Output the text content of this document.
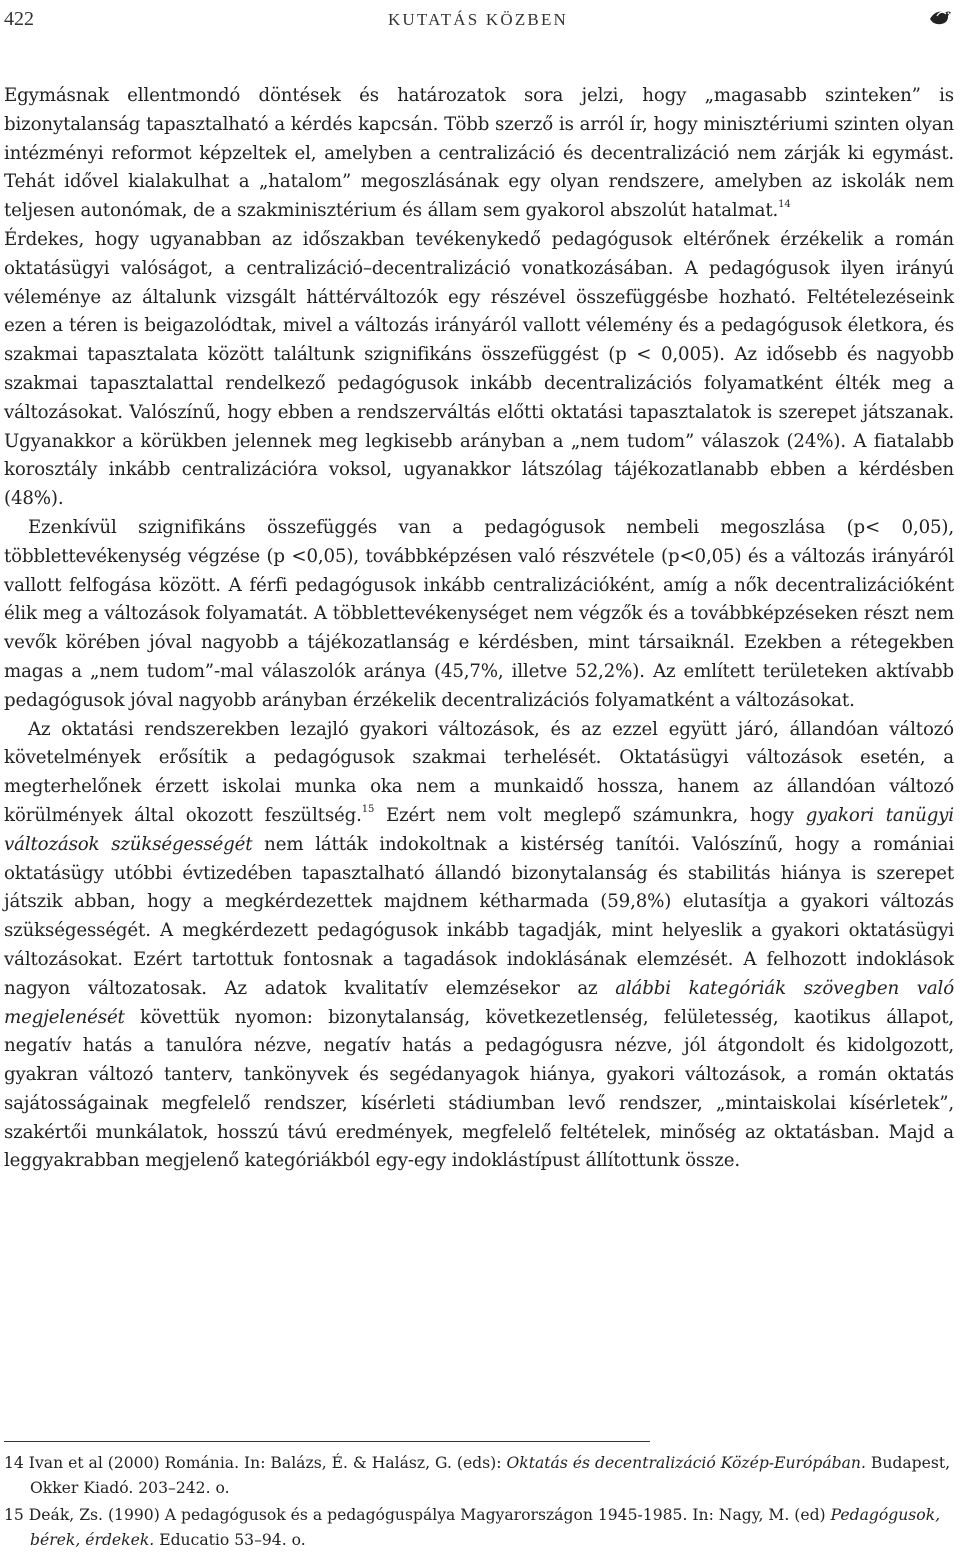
422	KUTATÁS KÖZBEN

Egymásnak ellentmondó döntések és határozatok sora jelzi, hogy „magasabb szinteken” is bizonytalanság tapasztalható a kérdés kapcsán. Több szerző is arról ír, hogy minisztériumi szinten olyan intézményi reformot képzeltek el, amelyben a centralizáció és decentralizáció nem zárják ki egymást. Tehát idővel kialakulhat a „hatalom” megoszlásának egy olyan rendszere, amelyben az iskolák nem teljesen autonómak, de a szakminisztérium és állam sem gyakorol abszolút hatalmat.$^{14}$

Érdekes, hogy ugyanabban az időszakban tevékenykedő pedagógusok eltérőnek érzékelik a román oktatásügyi valóságot, a centralizáció–decentralizáció vonatkozásában. A pedagógusok ilyen irányú véleménye az általunk vizsgált háttérváltozók egy részével összefüggésbe hozható. Feltételezéseink ezen a téren is beigazolódtak, mivel a változás irányáról vallott vélemény és a pedagógusok életkora, és szakmai tapasztalata között találtunk szignifikáns összefüggést (p < 0,005). Az idősebb és nagyobb szakmai tapasztalattal rendelkező pedagógusok inkább decentralizációs folyamatként élték meg a változásokat. Valószínű, hogy ebben a rendszerváltás előtti oktatási tapasztalatok is szerepet játszanak. Ugyanakkor a körükben jelennek meg legkisebb arányban a „nem tudom” válaszok (24%). A fiatalabb korosztály inkább centralizációra voksol, ugyanakkor látszólag tájékozatlanabb ebben a kérdésben (48%).

Ezenkívül szignifikáns összefüggés van a pedagógusok nembeli megoszlása (p< 0,05), többlettevékenység végzése (p <0,05), továbbképzésen való részvétele (p<0,05) és a változás irányáról vallott felfogása között. A férfi pedagógusok inkább centralizációként, amíg a nők decentralizációként élik meg a változások folyamatát. A többlettevékenységet nem végzők és a továbbképzéseken részt nem vevők körében jóval nagyobb a tájékozatlanság e kérdésben, mint társaiknál. Ezekben a rétegekben magas a „nem tudom”-mal válaszolók aránya (45,7%, illetve 52,2%). Az említett területeken aktívabb pedagógusok jóval nagyobb arányban érzékelik decentralizációs folyamatként a változásokat.

Az oktatási rendszerekben lezajló gyakori változások, és az ezzel együtt járó, állandóan változó követelmények erősítik a pedagógusok szakmai terhelését. Oktatásügyi változások esetén, a megterhelőnek érzett iskolai munka oka nem a munkaidő hossza, hanem az állandóan változó körülmények által okozott feszültség.$^{15}$ Ezért nem volt meglepő számunkra, hogy gyakori tanügyi változások szükségességét nem látták indokoltnak a kistérség tanítói. Valószínű, hogy a romániai oktatásügy utóbbi évtizedében tapasztalható állandó bizonytalanság és stabilitás hiánya is szerepet játszik abban, hogy a megkérdezettek majdnem kétharmada (59,8%) elutasítja a gyakori változás szükségességét. A megkérdezett pedagógusok inkább tagadják, mint helyeslik a gyakori oktatásügyi változásokat. Ezért tartottuk fontosnak a tagadások indoklásának elemzését. A felhozott indoklások nagyon változatosak. Az adatok kvalitatív elemzésekor az alábbi kategóriák szövegben való megjelenését követtük nyomon: bizonytalanság, következetlenség, felületesség, kaotikus állapot, negatív hatás a tanulóra nézve, negatív hatás a pedagógusra nézve, jól átgondolt és kidolgozott, gyakran változó tanterv, tankönyvek és segédanyagok hiánya, gyakori változások, a román oktatás sajátosságainak megfelelő rendszer, kísérleti stádiumban levő rendszer, „mintaiskolai kísérletek”, szakértői munkálatok, hosszú távú eredmények, megfelelő feltételek, minőség az oktatásban. Majd a leggyakrabban megjelenő kategóriákból egy-egy indoklástípust állítottunk össze.

14 Ivan et al (2000) Románia. In: Balázs, É. & Halász, G. (eds): Oktatás és decentralizáció Közép-Európában. Budapest, Okker Kiadó. 203–242. o.

15 Deák, Zs. (1990) A pedagógusok és a pedagóguspálya Magyarországon 1945-1985. In: Nagy, M. (ed) Pedagógusok, bérek, érdekek. Educatio 53–94. o.
